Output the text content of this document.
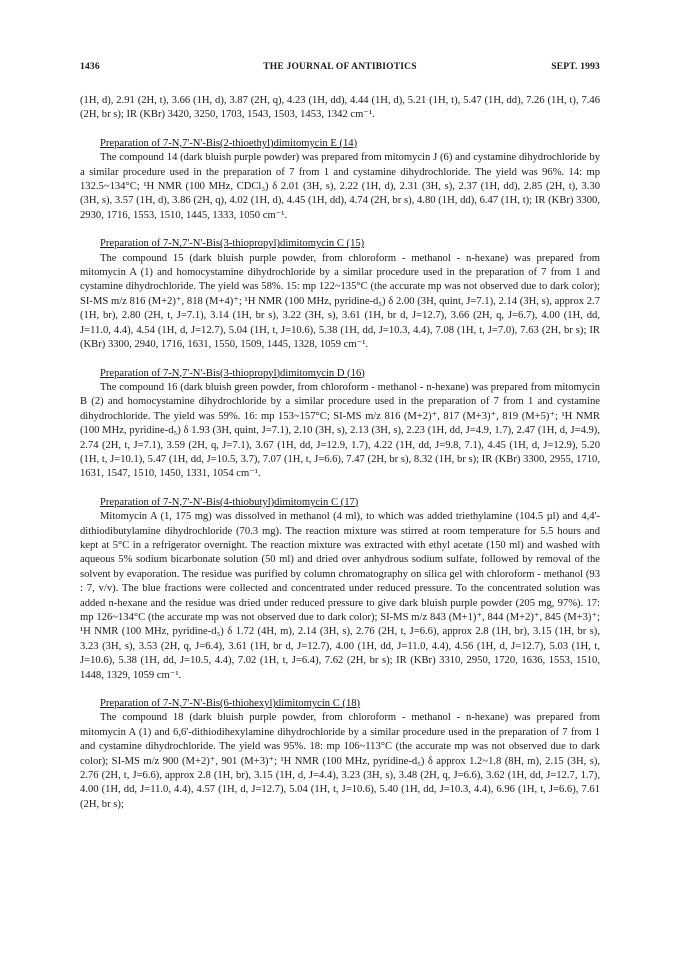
1436	THE JOURNAL OF ANTIBIOTICS	SEPT. 1993

(1H, d), 2.91 (2H, t), 3.66 (1H, d), 3.87 (2H, q), 4.23 (1H, dd), 4.44 (1H, d), 5.21 (1H, t), 5.47 (1H, dd), 7.26 (1H, t), 7.46 (2H, br s); IR (KBr) 3420, 3250, 1703, 1543, 1503, 1453, 1342 cm⁻¹.

Preparation of 7-N,7'-N'-Bis(2-thioethyl)dimitomycin E (14)

The compound 14 (dark bluish purple powder) was prepared from mitomycin J (6) and cystamine dihydrochloride by a similar procedure used in the preparation of 7 from 1 and cystamine dihydrochloride. The yield was 96%. 14: mp 132.5~134°C; ¹H NMR (100 MHz, CDCl₃) δ 2.01 (3H, s), 2.22 (1H, d), 2.31 (3H, s), 2.37 (1H, dd), 2.85 (2H, t), 3.30 (3H, s), 3.57 (1H, d), 3.86 (2H, q), 4.02 (1H, d), 4.45 (1H, dd), 4.74 (2H, br s), 4.80 (1H, dd), 6.47 (1H, t); IR (KBr) 3300, 2930, 1716, 1553, 1510, 1445, 1333, 1050 cm⁻¹.

Preparation of 7-N,7'-N'-Bis(3-thiopropyl)dimitomycin C (15)

The compound 15 (dark bluish purple powder, from chloroform - methanol - n-hexane) was prepared from mitomycin A (1) and homocystamine dihydrochloride by a similar procedure used in the preparation of 7 from 1 and cystamine dihydrochloride. The yield was 58%. 15: mp 122~135°C (the accurate mp was not observed due to dark color); SI-MS m/z 816 (M+2)⁺, 818 (M+4)⁺; ¹H NMR (100 MHz, pyridine-d₅) δ 2.00 (3H, quint, J=7.1), 2.14 (3H, s), approx 2.7 (1H, br), 2.80 (2H, t, J=7.1), 3.14 (1H, br s), 3.22 (3H, s), 3.61 (1H, br d, J=12.7), 3.66 (2H, q, J=6.7), 4.00 (1H, dd, J=11.0, 4.4), 4.54 (1H, d, J=12.7), 5.04 (1H, t, J=10.6), 5.38 (1H, dd, J=10.3, 4.4), 7.08 (1H, t, J=7.0), 7.63 (2H, br s); IR (KBr) 3300, 2940, 1716, 1631, 1550, 1509, 1445, 1328, 1059 cm⁻¹.

Preparation of 7-N,7'-N'-Bis(3-thiopropyl)dimitomycin D (16)

The compound 16 (dark bluish green powder, from chloroform - methanol - n-hexane) was prepared from mitomycin B (2) and homocystamine dihydrochloride by a similar procedure used in the preparation of 7 from 1 and cystamine dihydrochloride. The yield was 59%. 16: mp 153~157°C; SI-MS m/z 816 (M+2)⁺, 817 (M+3)⁺, 819 (M+5)⁺; ¹H NMR (100 MHz, pyridine-d₅) δ 1.93 (3H, quint, J=7.1), 2.10 (3H, s), 2.13 (3H, s), 2.23 (1H, dd, J=4.9, 1.7), 2.47 (1H, d, J=4.9), 2.74 (2H, t, J=7.1), 3.59 (2H, q, J=7.1), 3.67 (1H, dd, J=12.9, 1.7), 4.22 (1H, dd, J=9.8, 7.1), 4.45 (1H, d, J=12.9), 5.20 (1H, t, J=10.1), 5.47 (1H, dd, J=10.5, 3.7), 7.07 (1H, t, J=6.6), 7.47 (2H, br s), 8.32 (1H, br s); IR (KBr) 3300, 2955, 1710, 1631, 1547, 1510, 1450, 1331, 1054 cm⁻¹.

Preparation of 7-N,7'-N'-Bis(4-thiobutyl)dimitomycin C (17)

Mitomycin A (1, 175 mg) was dissolved in methanol (4 ml), to which was added triethylamine (104.5 µl) and 4,4'-dithiodibutylamine dihydrochloride (70.3 mg). The reaction mixture was stirred at room temperature for 5.5 hours and kept at 5°C in a refrigerator overnight. The reaction mixture was extracted with ethyl acetate (150 ml) and washed with aqueous 5% sodium bicarbonate solution (50 ml) and dried over anhydrous sodium sulfate, followed by removal of the solvent by evaporation. The residue was purified by column chromatography on silica gel with chloroform - methanol (93 : 7, v/v). The blue fractions were collected and concentrated under reduced pressure. To the concentrated solution was added n-hexane and the residue was dried under reduced pressure to give dark bluish purple powder (205 mg, 97%). 17: mp 126~134°C (the accurate mp was not observed due to dark color); SI-MS m/z 843 (M+1)⁺, 844 (M+2)⁺, 845 (M+3)⁺; ¹H NMR (100 MHz, pyridine-d₅) δ 1.72 (4H, m), 2.14 (3H, s), 2.76 (2H, t, J=6.6), approx 2.8 (1H, br), 3.15 (1H, br s), 3.23 (3H, s), 3.53 (2H, q, J=6.4), 3.61 (1H, br d, J=12.7), 4.00 (1H, dd, J=11.0, 4.4), 4.56 (1H, d, J=12.7), 5.03 (1H, t, J=10.6), 5.38 (1H, dd, J=10.5, 4.4), 7.02 (1H, t, J=6.4), 7.62 (2H, br s); IR (KBr) 3310, 2950, 1720, 1636, 1553, 1510, 1448, 1329, 1059 cm⁻¹.

Preparation of 7-N,7'-N'-Bis(6-thiohexyl)dimitomycin C (18)

The compound 18 (dark bluish purple powder, from chloroform - methanol - n-hexane) was prepared from mitomycin A (1) and 6,6'-dithiodihexylamine dihydrochloride by a similar procedure used in the preparation of 7 from 1 and cystamine dihydrochloride. The yield was 95%. 18: mp 106~113°C (the accurate mp was not observed due to dark color); SI-MS m/z 900 (M+2)⁺, 901 (M+3)⁺; ¹H NMR (100 MHz, pyridine-d₅) δ approx 1.2~1.8 (8H, m), 2.15 (3H, s), 2.76 (2H, t, J=6.6), approx 2.8 (1H, br), 3.15 (1H, d, J=4.4), 3.23 (3H, s), 3.48 (2H, q, J=6.6), 3.62 (1H, dd, J=12.7, 1.7), 4.00 (1H, dd, J=11.0, 4.4), 4.57 (1H, d, J=12.7), 5.04 (1H, t, J=10.6), 5.40 (1H, dd, J=10.3, 4.4), 6.96 (1H, t, J=6.6), 7.61 (2H, br s);
